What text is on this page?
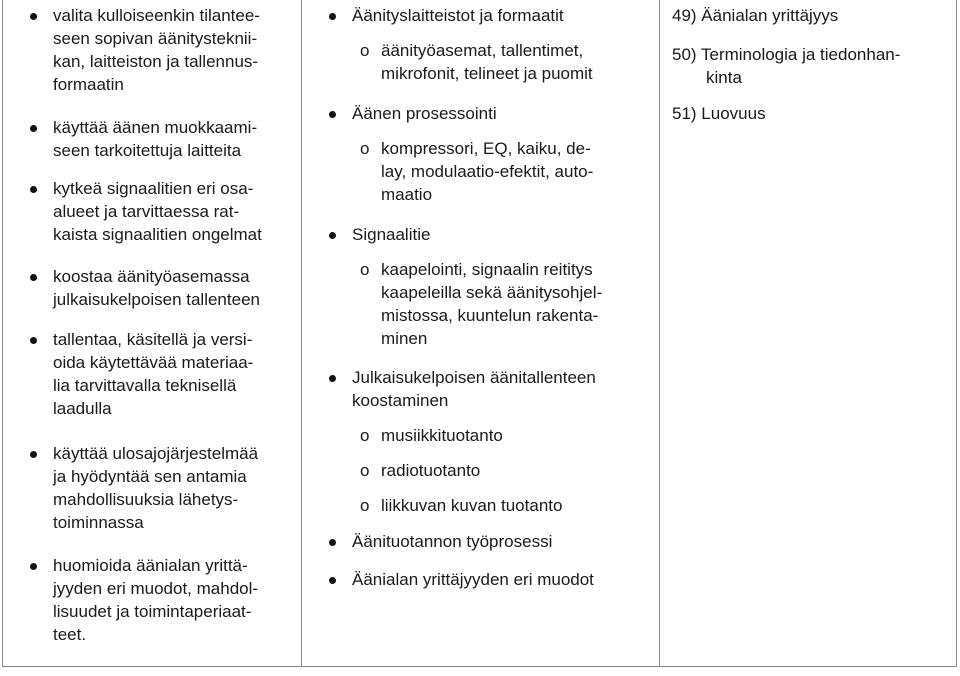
valita kulloiseenkin tilantee-
seen sopivan äänitystekniі-
kan, laitteiston ja tallennus-
formaatin
käyttää äänen muokkaami-
seen tarkoitettuja laitteita
kytkeä signaalitien eri osa-
alueet ja tarvittaessa rat-
kaista signaalitien ongelmat
koostaa äänityöasemassa
julkaisukelpoisen tallenteen
tallentaa, käsitellä ja versi-
oida käytettävää materiaa-
lia tarvittavalla teknisellä
laadulla
käyttää ulosajojärjestelmää
ja hyödyntää sen antamia
mahdollisuuksia lähetys-
toiminnassa
huomioida äänialan yrittä-
jyyden eri muodot, mahdol-
lisuudet ja toimintaperiaat-
teet.
Äänityslaitteistot ja formaatit
o äänityöasemat, tallentimet,
mikrofonit, telineet ja puomit
Äänen prosessointi
o kompressori, EQ, kaiku, de-
lay, modulaatio-efektit, auto-
maatio
Signaalitie
o kaapelointi, signaalin reititys
kaapeleilla sekä äänitysohjel-
mistossa, kuuntelun rakenta-
minen
Julkaisukelpoisen äänitallenteen
koostaminen
o musiikkituotanto
o radiotuotanto
o liikkuvan kuvan tuotanto
Äänituotannon työprosessi
Äänialan yrittäjyyden eri muodot
49) Äänialan yrittäjyys
50) Terminologia ja tiedonhan-
kinta
51) Luovuus
